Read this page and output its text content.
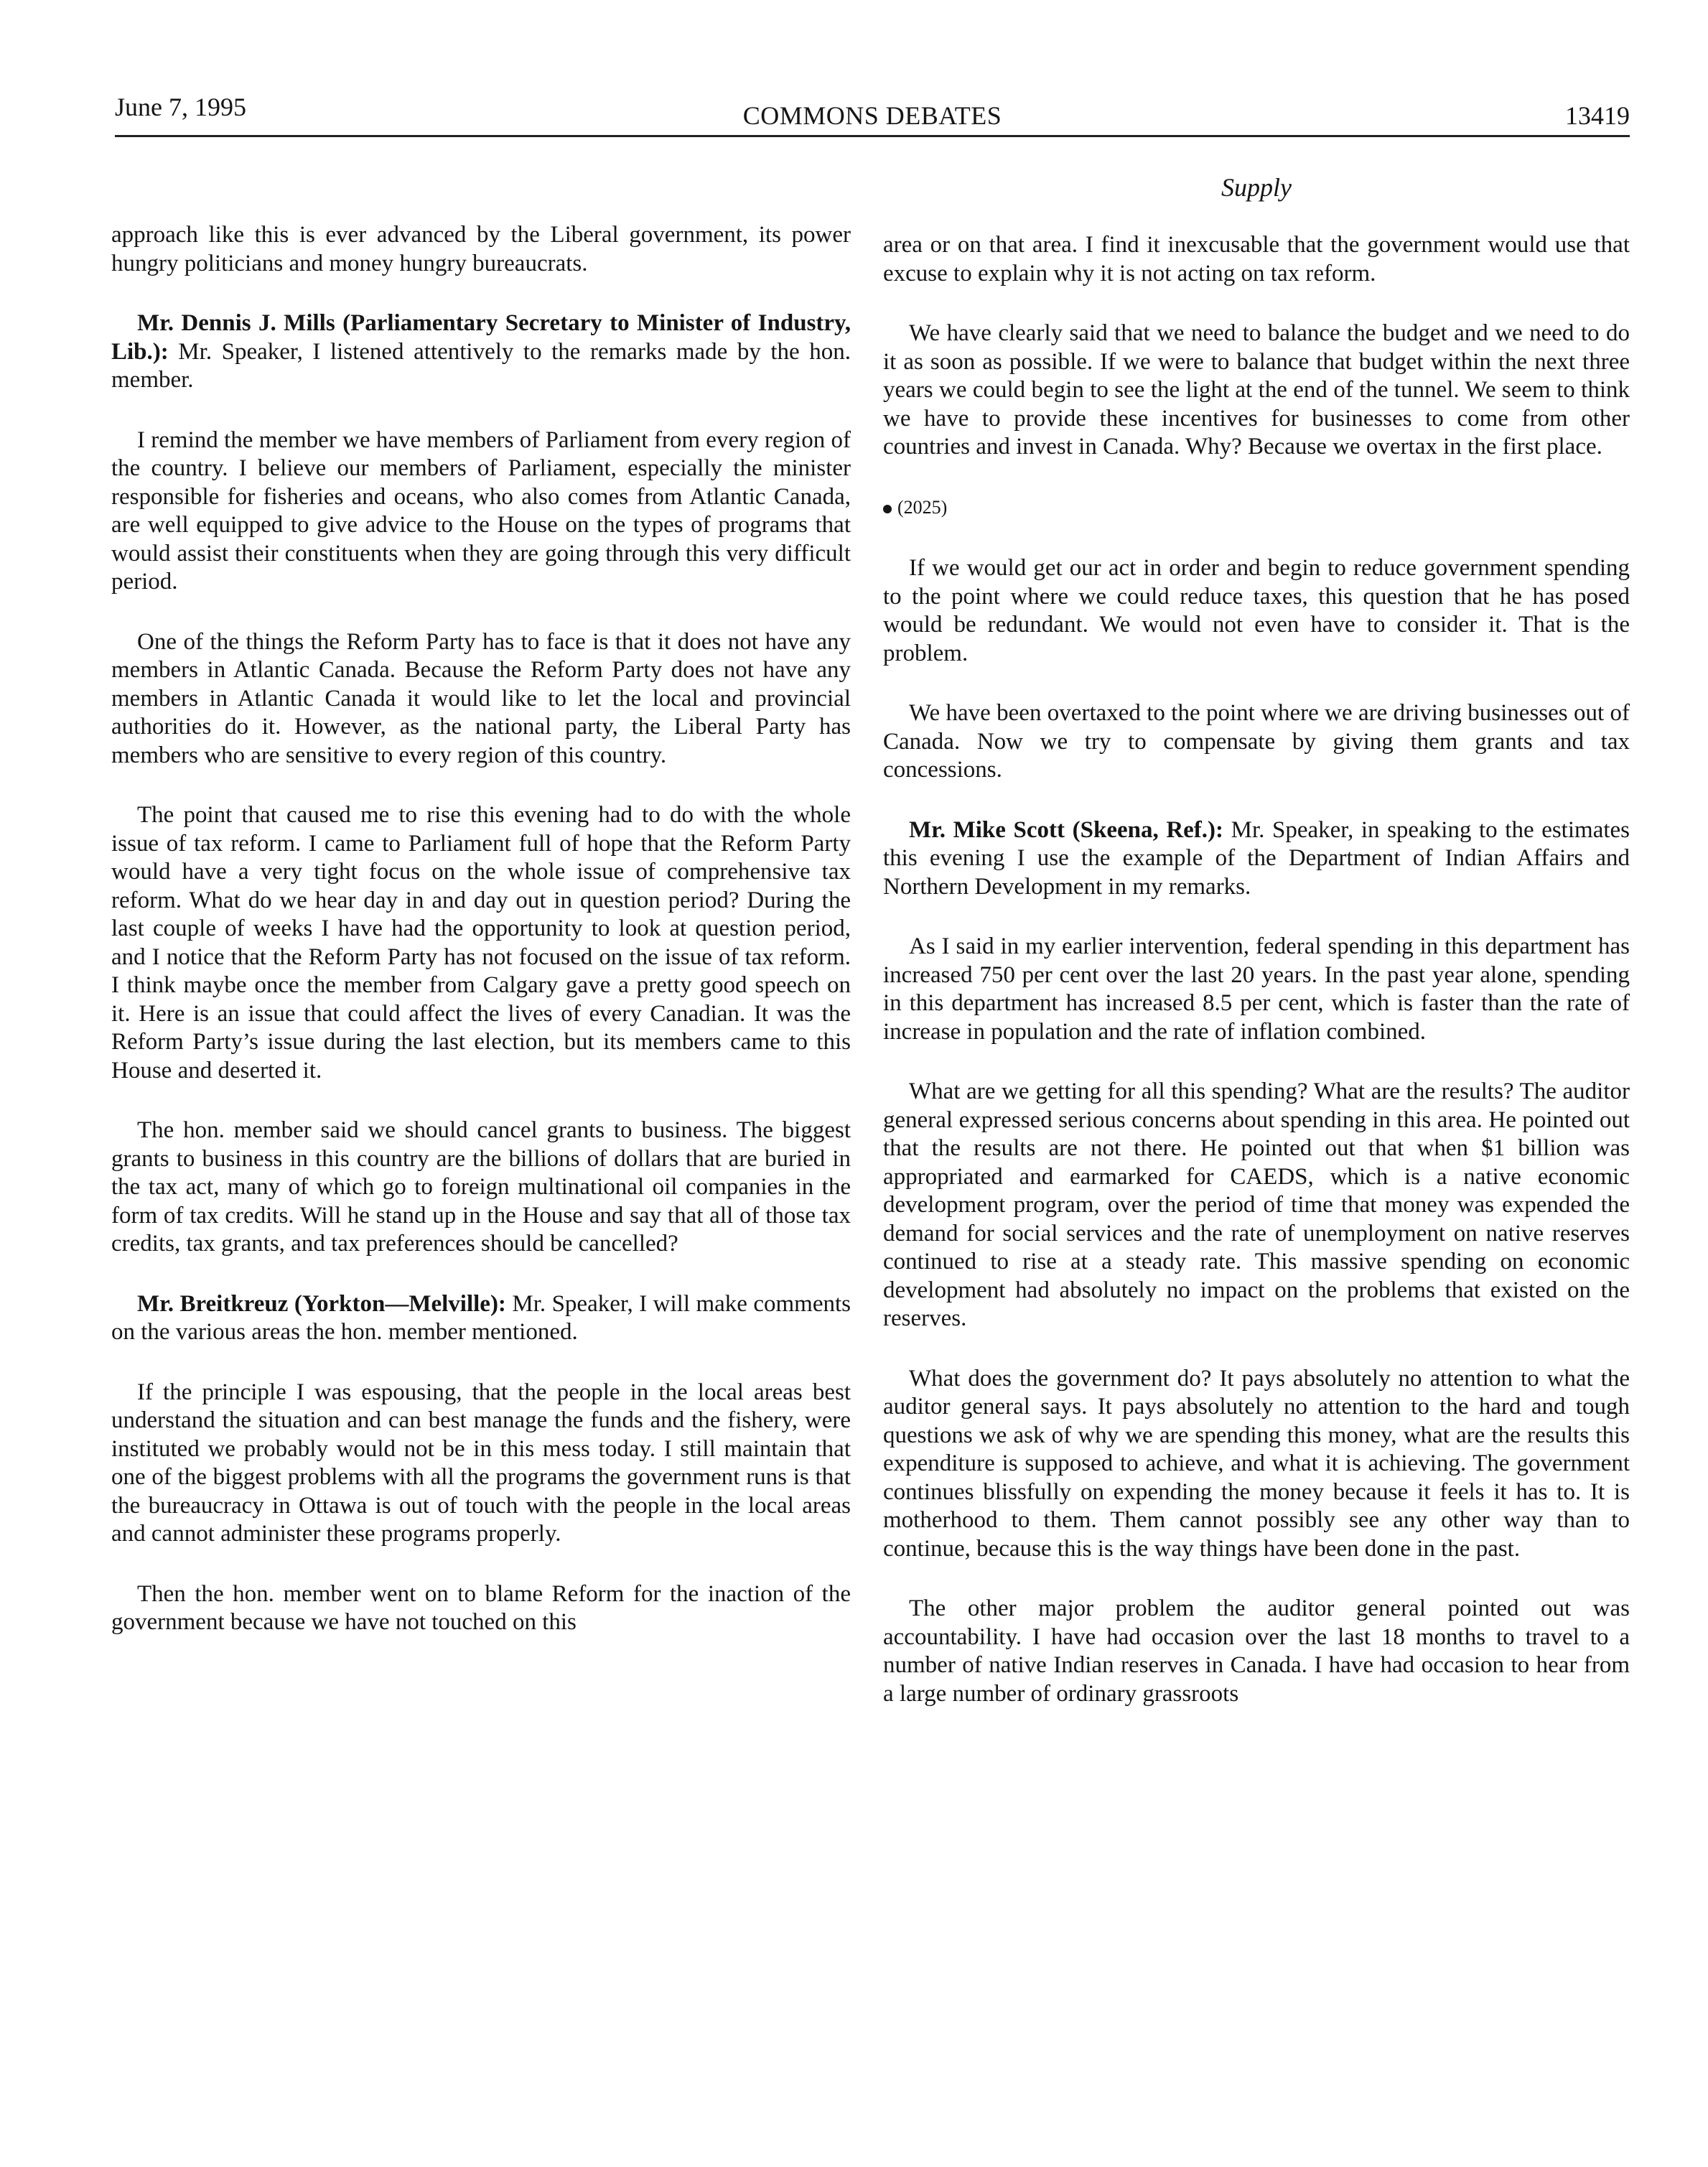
June 7, 1995	COMMONS DEBATES	13419
Supply

approach like this is ever advanced by the Liberal government, its power hungry politicians and money hungry bureaucrats.

Mr. Dennis J. Mills (Parliamentary Secretary to Minister of Industry, Lib.): Mr. Speaker, I listened attentively to the remarks made by the hon. member.

I remind the member we have members of Parliament from every region of the country. I believe our members of Parliament, especially the minister responsible for fisheries and oceans, who also comes from Atlantic Canada, are well equipped to give advice to the House on the types of programs that would assist their constituents when they are going through this very difficult period.

One of the things the Reform Party has to face is that it does not have any members in Atlantic Canada. Because the Reform Party does not have any members in Atlantic Canada it would like to let the local and provincial authorities do it. However, as the national party, the Liberal Party has members who are sensitive to every region of this country.

The point that caused me to rise this evening had to do with the whole issue of tax reform. I came to Parliament full of hope that the Reform Party would have a very tight focus on the whole issue of comprehensive tax reform. What do we hear day in and day out in question period? During the last couple of weeks I have had the opportunity to look at question period, and I notice that the Reform Party has not focused on the issue of tax reform. I think maybe once the member from Calgary gave a pretty good speech on it. Here is an issue that could affect the lives of every Canadian. It was the Reform Party’s issue during the last election, but its members came to this House and deserted it.

The hon. member said we should cancel grants to business. The biggest grants to business in this country are the billions of dollars that are buried in the tax act, many of which go to foreign multinational oil companies in the form of tax credits. Will he stand up in the House and say that all of those tax credits, tax grants, and tax preferences should be cancelled?

Mr. Breitkreuz (Yorkton—Melville): Mr. Speaker, I will make comments on the various areas the hon. member mentioned.

If the principle I was espousing, that the people in the local areas best understand the situation and can best manage the funds and the fishery, were instituted we probably would not be in this mess today. I still maintain that one of the biggest problems with all the programs the government runs is that the bureaucracy in Ottawa is out of touch with the people in the local areas and cannot administer these programs properly.

Then the hon. member went on to blame Reform for the inaction of the government because we have not touched on this

area or on that area. I find it inexcusable that the government would use that excuse to explain why it is not acting on tax reform.

We have clearly said that we need to balance the budget and we need to do it as soon as possible. If we were to balance that budget within the next three years we could begin to see the light at the end of the tunnel. We seem to think we have to provide these incentives for businesses to come from other countries and invest in Canada. Why? Because we overtax in the first place.

(2025)

If we would get our act in order and begin to reduce government spending to the point where we could reduce taxes, this question that he has posed would be redundant. We would not even have to consider it. That is the problem.

We have been overtaxed to the point where we are driving businesses out of Canada. Now we try to compensate by giving them grants and tax concessions.

Mr. Mike Scott (Skeena, Ref.): Mr. Speaker, in speaking to the estimates this evening I use the example of the Department of Indian Affairs and Northern Development in my remarks.

As I said in my earlier intervention, federal spending in this department has increased 750 per cent over the last 20 years. In the past year alone, spending in this department has increased 8.5 per cent, which is faster than the rate of increase in population and the rate of inflation combined.

What are we getting for all this spending? What are the results? The auditor general expressed serious concerns about spending in this area. He pointed out that the results are not there. He pointed out that when $1 billion was appropriated and earmarked for CAEDS, which is a native economic development program, over the period of time that money was expended the demand for social services and the rate of unemployment on native reserves continued to rise at a steady rate. This massive spending on economic development had absolutely no impact on the problems that existed on the reserves.

What does the government do? It pays absolutely no attention to what the auditor general says. It pays absolutely no attention to the hard and tough questions we ask of why we are spending this money, what are the results this expenditure is supposed to achieve, and what it is achieving. The government continues blissfully on expending the money because it feels it has to. It is motherhood to them. Them cannot possibly see any other way than to continue, because this is the way things have been done in the past.

The other major problem the auditor general pointed out was accountability. I have had occasion over the last 18 months to travel to a number of native Indian reserves in Canada. I have had occasion to hear from a large number of ordinary grassroots
